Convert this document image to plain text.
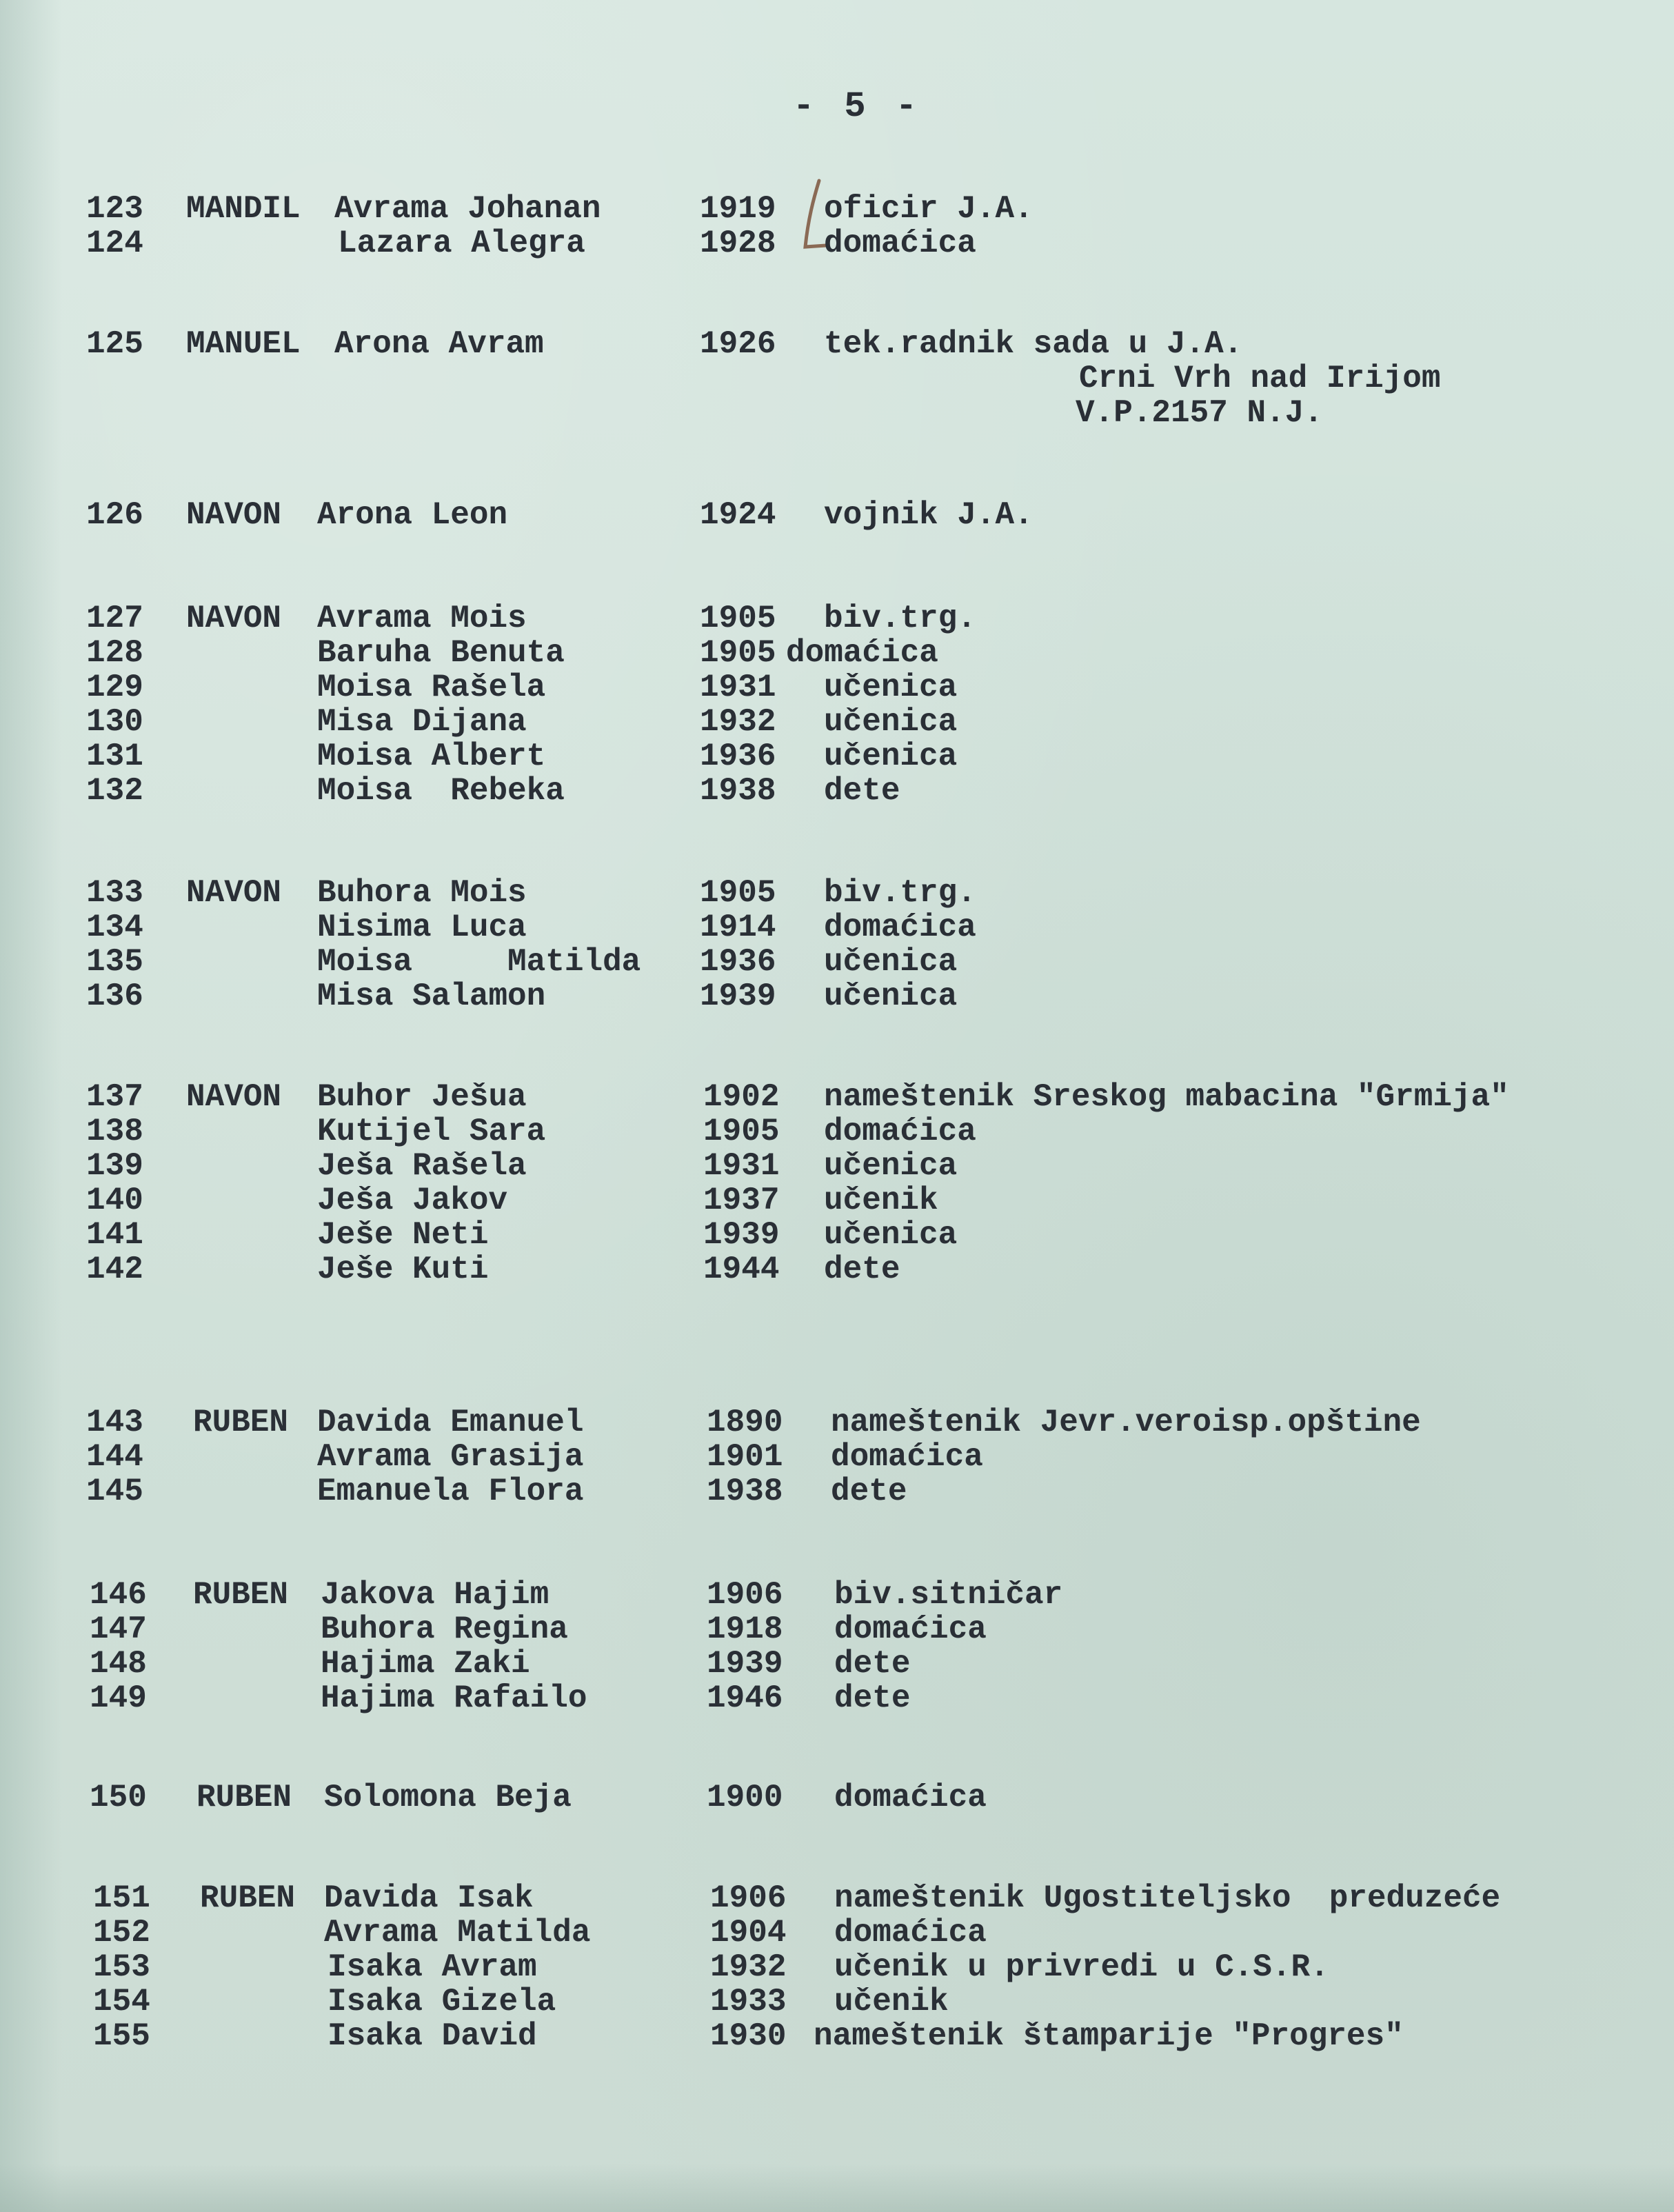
- 5 -
123 MANDIL Avrama Johanan	1919 oficir J.A.
124	Lazara Alegra	1928 domaćica
125 MANUEL Arona Avram	1926 tek.radnik sada u J.A.
Crni Vrh nad Irijom
V.P.2157 N.J.
126 NAVON Arona Leon	1924 vojnik J.A.
127 NAVON Avrama Mois	1905 biv.trg.
128	Baruha Benuta	1905 domaćica
129	Moisa Rašela	1931 učenica
130	Misa Dijana	1932 učenica
131	Moisa Albert	1936 učenica
132	Moisa  Rebeka	1938 dete
133 NAVON Buhora Mois	1905 biv.trg.
134	Nisima Luca	1914 domaćica
135	Moisa     Matilda 1936 učenica
136	Misa Salamon	1939 učenica
137 NAVON Buhor Ješua	1902 nameštenik Sreskog mabacina "Grmija"
138	Kutijel Sara	1905 domaćica
139	Ješa Rašela	1931 učenica
140	Ješa Jakov	1937 učenik
141	Ješe Neti	1939 učenica
142	Ješe Kuti	1944 dete
143 RUBEN Davida Emanuel	1890 nameštenik Jevr.veroisp.opštine
144	Avrama Grasija	1901 domaćica
145	Emanuela Flora	1938 dete
146 RUBEN Jakova Hajim	1906 biv.sitničar
147	Buhora Regina	1918 domaćica
148	Hajima Zaki	1939 dete
149	Hajima Rafailo	1946 dete
150 RUBEN Solomona Beja	1900 domaćica
151 RUBEN Davida Isak	1906 nameštenik Ugostiteljsko  preduzeće
152	Avrama Matilda	1904 domaćica
153	Isaka Avram	1932 učenik u privredi u C.S.R.
154	Isaka Gizela	1933 učenik
155	Isaka David	1930 nameštenik štamparije "Progres"
